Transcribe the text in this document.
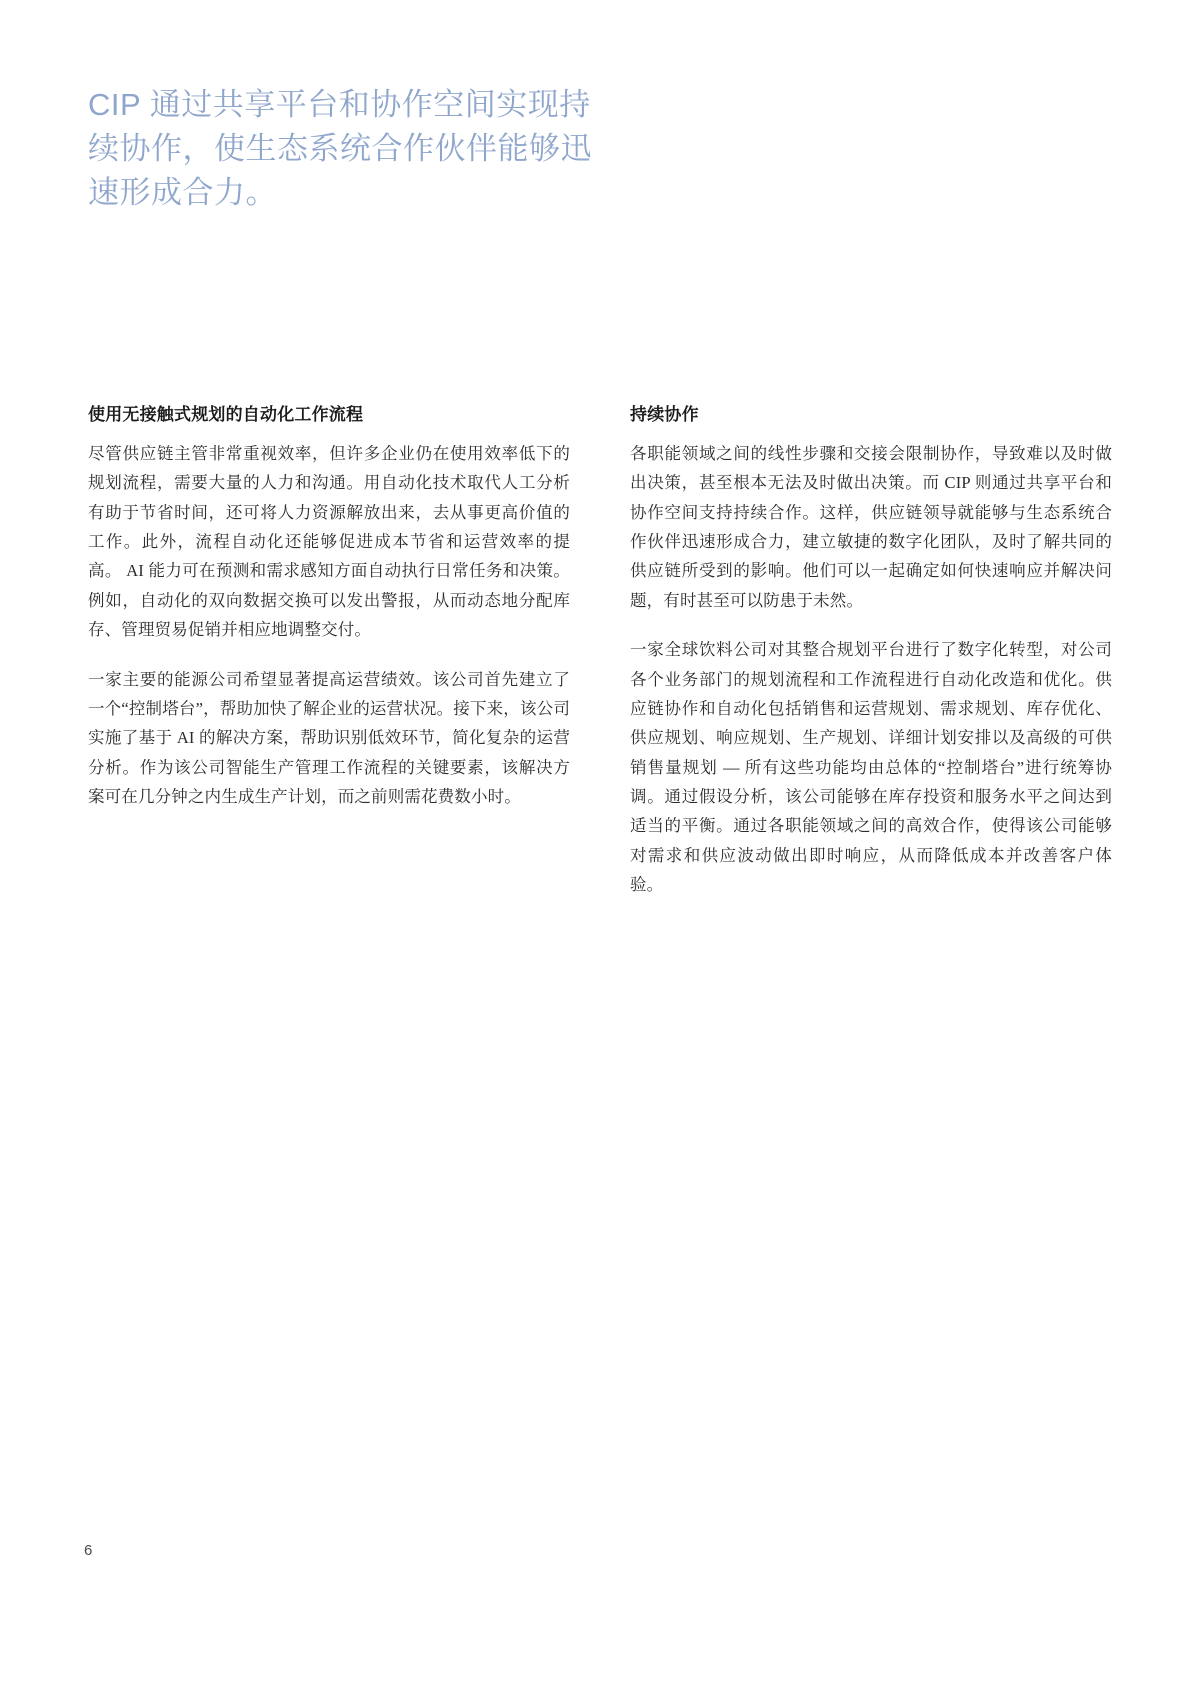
CIP 通过共享平台和协作空间实现持续协作，使生态系统合作伙伴能够迅速形成合力。
使用无接触式规划的自动化工作流程

尽管供应链主管非常重视效率，但许多企业仍在使用效率低下的规划流程，需要大量的人力和沟通。用自动化技术取代人工分析有助于节省时间，还可将人力资源解放出来，去从事更高价值的工作。此外，流程自动化还能够促进成本节省和运营效率的提高。 AI 能力可在预测和需求感知方面自动执行日常任务和决策。例如，自动化的双向数据交换可以发出警报，从而动态地分配库存、管理贸易促销并相应地调整交付。

一家主要的能源公司希望显著提高运营绩效。该公司首先建立了一个“控制塔台”，帮助加快了解企业的运营状况。接下来，该公司实施了基于 AI 的解决方案，帮助识别低效环节，简化复杂的运营分析。作为该公司智能生产管理工作流程的关键要素，该解决方案可在几分钟之内生成生产计划，而之前则需花费数小时。

持续协作

各职能领域之间的线性步骤和交接会限制协作，导致难以及时做出决策，甚至根本无法及时做出决策。而 CIP 则通过共享平台和协作空间支持持续合作。这样，供应链领导就能够与生态系统合作伙伴迅速形成合力，建立敏捷的数字化团队，及时了解共同的供应链所受到的影响。他们可以一起确定如何快速响应并解决问题，有时甚至可以防患于未然。

一家全球饮料公司对其整合规划平台进行了数字化转型，对公司各个业务部门的规划流程和工作流程进行自动化改造和优化。供应链协作和自动化包括销售和运营规划、需求规划、库存优化、供应规划、响应规划、生产规划、详细计划安排以及高级的可供销售量规划 — 所有这些功能均由总体的“控制塔台”进行统筹协调。通过假设分析，该公司能够在库存投资和服务水平之间达到适当的平衡。通过各职能领域之间的高效合作，使得该公司能够对需求和供应波动做出即时响应，从而降低成本并改善客户体验。

6
